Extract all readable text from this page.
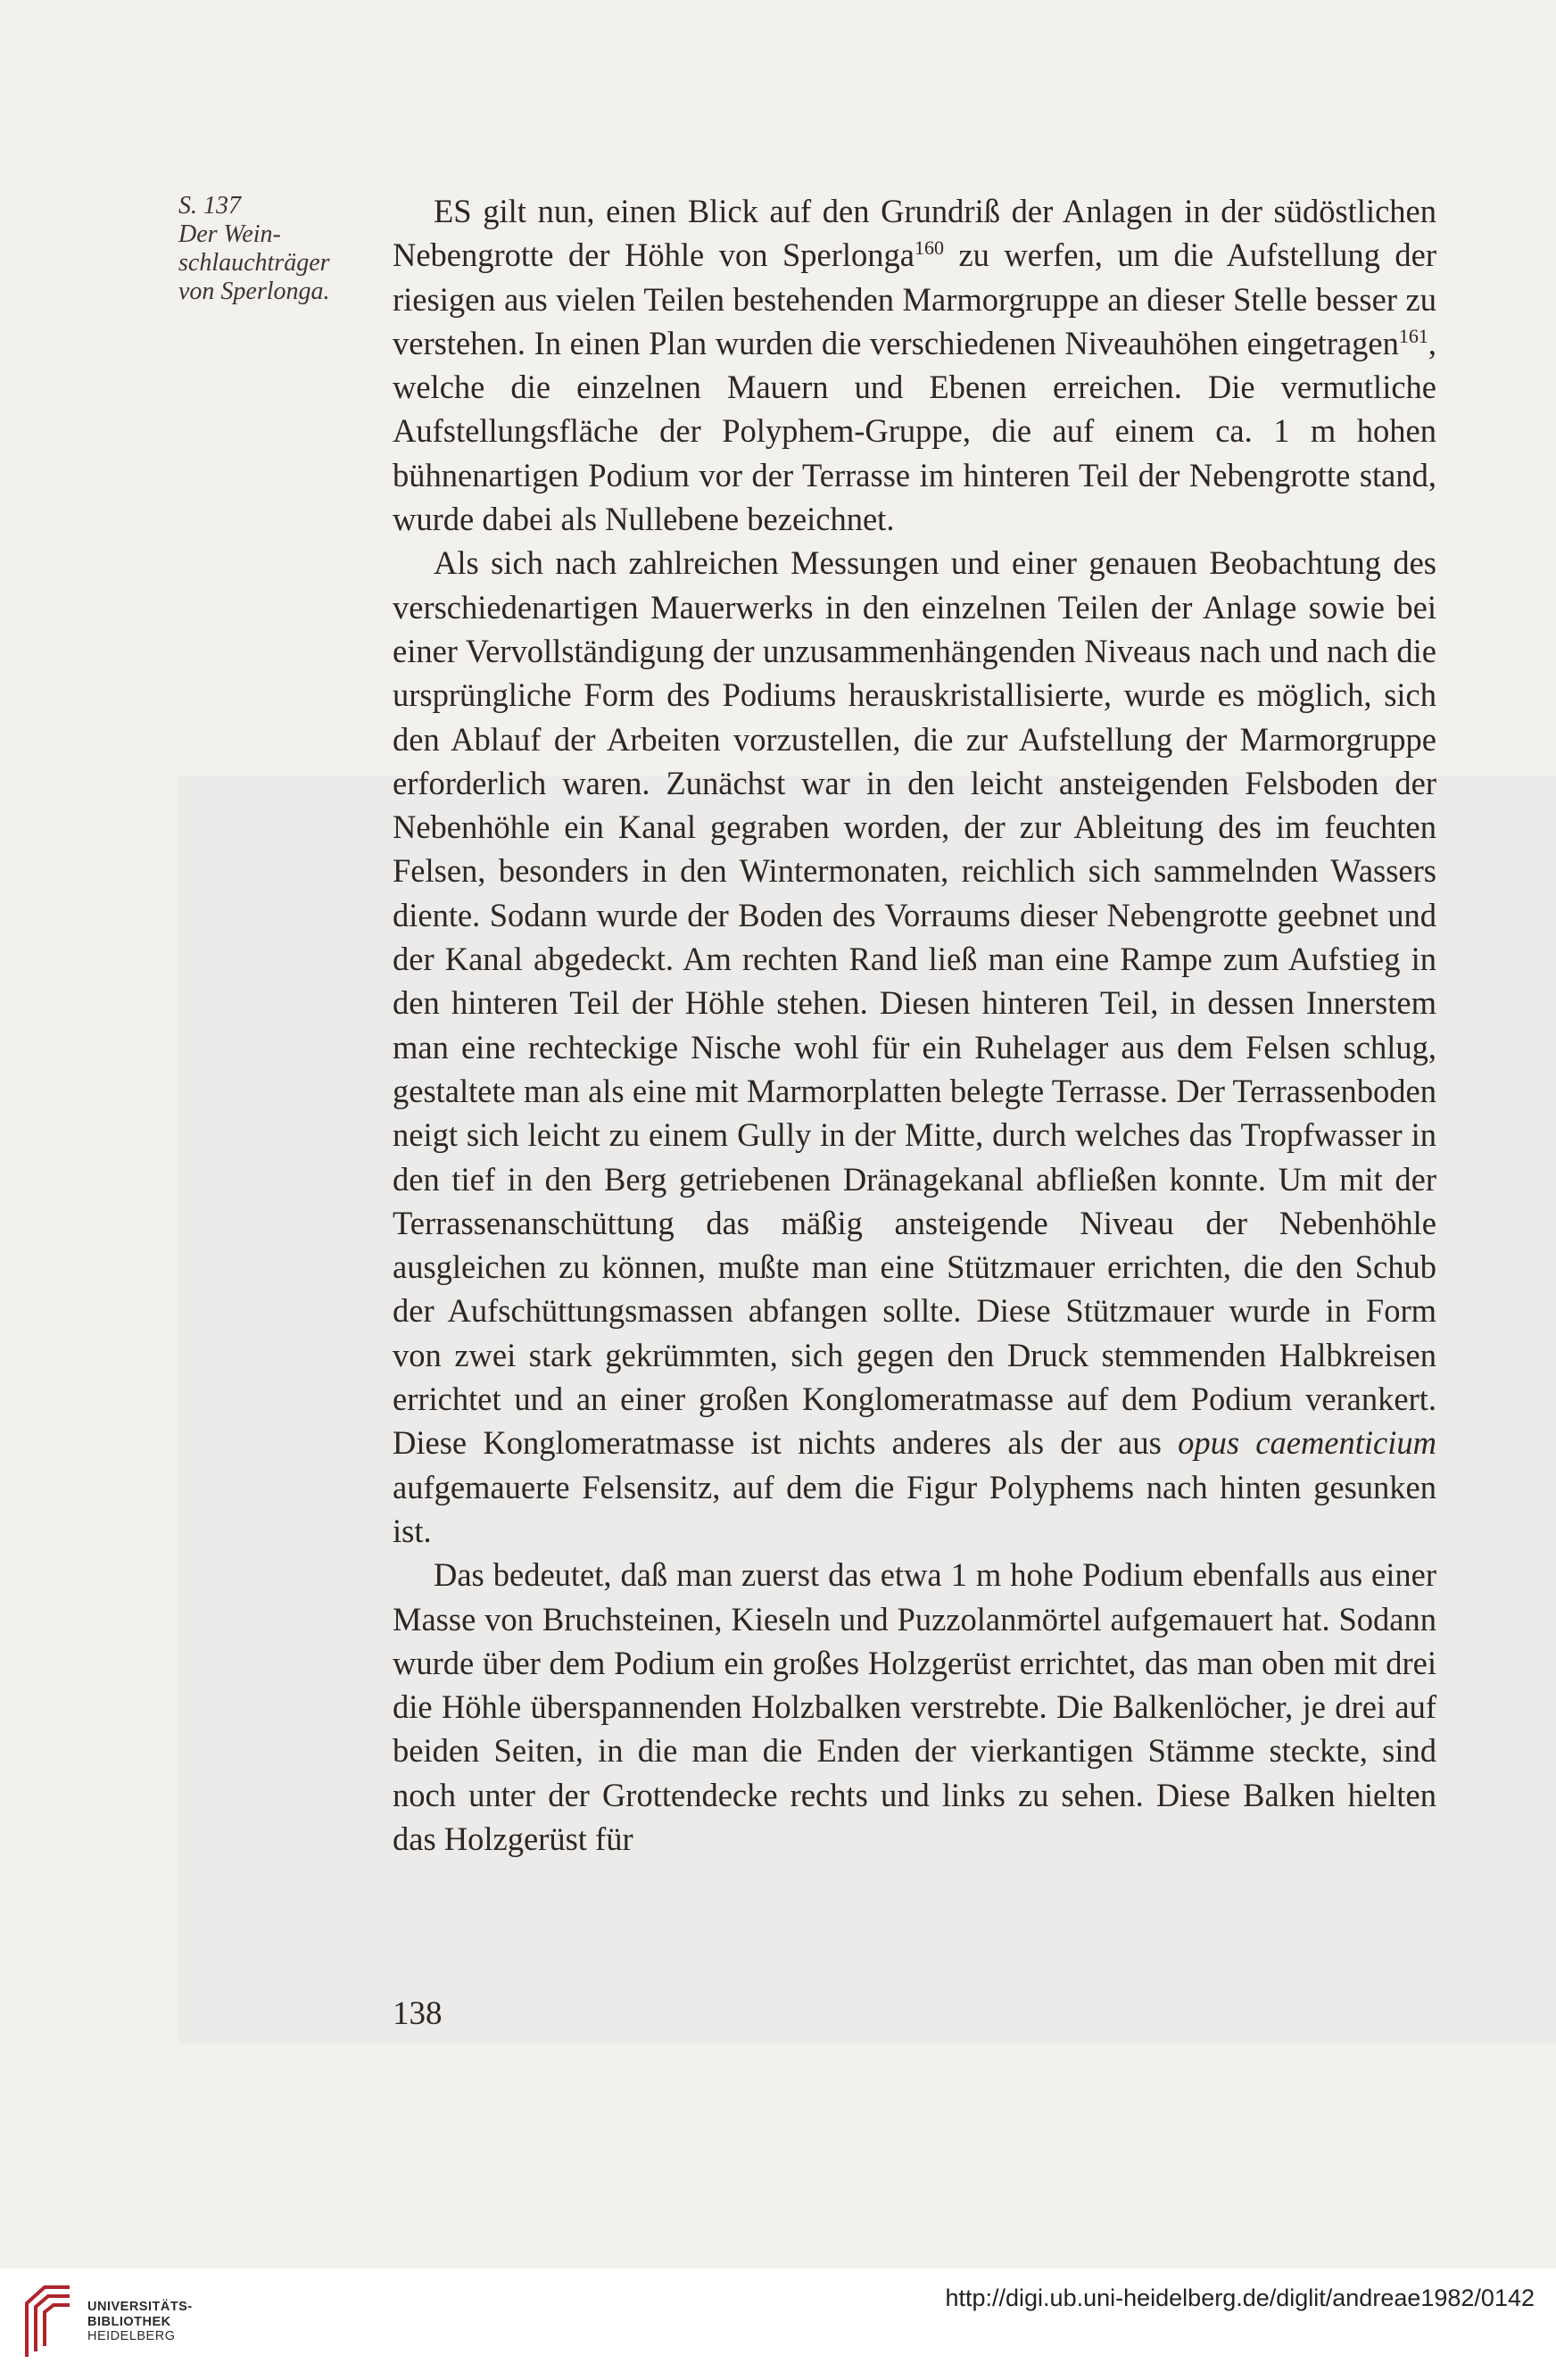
S. 137
Der Wein-
schlauchträger
von Sperlonga.

ES gilt nun, einen Blick auf den Grundriß der Anlagen in der südöstlichen Nebengrotte der Höhle von Sperlonga$^{160}$ zu werfen, um die Aufstellung der riesigen aus vielen Teilen bestehenden Marmorgruppe an dieser Stelle besser zu verstehen. In einen Plan wurden die verschiedenen Niveauhöhen eingetragen$^{161}$, welche die einzelnen Mauern und Ebenen erreichen. Die vermutliche Aufstellungsfläche der Polyphem-Gruppe, die auf einem ca. 1 m hohen bühnenartigen Podium vor der Terrasse im hinteren Teil der Nebengrotte stand, wurde dabei als Nullebene bezeichnet.

Als sich nach zahlreichen Messungen und einer genauen Beobachtung des verschiedenartigen Mauerwerks in den einzelnen Teilen der Anlage sowie bei einer Vervollständigung der unzusammenhängenden Niveaus nach und nach die ursprüngliche Form des Podiums herauskristallisierte, wurde es möglich, sich den Ablauf der Arbeiten vorzustellen, die zur Aufstellung der Marmorgruppe erforderlich waren. Zunächst war in den leicht ansteigenden Felsboden der Nebenhöhle ein Kanal gegraben worden, der zur Ableitung des im feuchten Felsen, besonders in den Wintermonaten, reichlich sich sammelnden Wassers diente. Sodann wurde der Boden des Vorraums dieser Nebengrotte geebnet und der Kanal abgedeckt. Am rechten Rand ließ man eine Rampe zum Aufstieg in den hinteren Teil der Höhle stehen. Diesen hinteren Teil, in dessen Innerstem man eine rechteckige Nische wohl für ein Ruhelager aus dem Felsen schlug, gestaltete man als eine mit Marmorplatten belegte Terrasse. Der Terrassenboden neigt sich leicht zu einem Gully in der Mitte, durch welches das Tropfwasser in den tief in den Berg getriebenen Dränagekanal abfließen konnte. Um mit der Terrassenanschüttung das mäßig ansteigende Niveau der Nebenhöhle ausgleichen zu können, mußte man eine Stützmauer errichten, die den Schub der Aufschüttungsmassen abfangen sollte. Diese Stützmauer wurde in Form von zwei stark gekrümmten, sich gegen den Druck stemmenden Halbkreisen errichtet und an einer großen Konglomeratmasse auf dem Podium verankert. Diese Konglomeratmasse ist nichts anderes als der aus opus caementicium aufgemauerte Felsensitz, auf dem die Figur Polyphems nach hinten gesunken ist.

Das bedeutet, daß man zuerst das etwa 1 m hohe Podium ebenfalls aus einer Masse von Bruchsteinen, Kieseln und Puzzolanmörtel aufgemauert hat. Sodann wurde über dem Podium ein großes Holzgerüst errichtet, das man oben mit drei die Höhle überspannenden Holzbalken verstrebte. Die Balkenlöcher, je drei auf beiden Seiten, in die man die Enden der vierkantigen Stämme steckte, sind noch unter der Grottendecke rechts und links zu sehen. Diese Balken hielten das Holzgerüst für

138
UNIVERSITÄTS-
BIBLIOTHEK
HEIDELBERG
http://digi.ub.uni-heidelberg.de/diglit/andreae1982/0142
